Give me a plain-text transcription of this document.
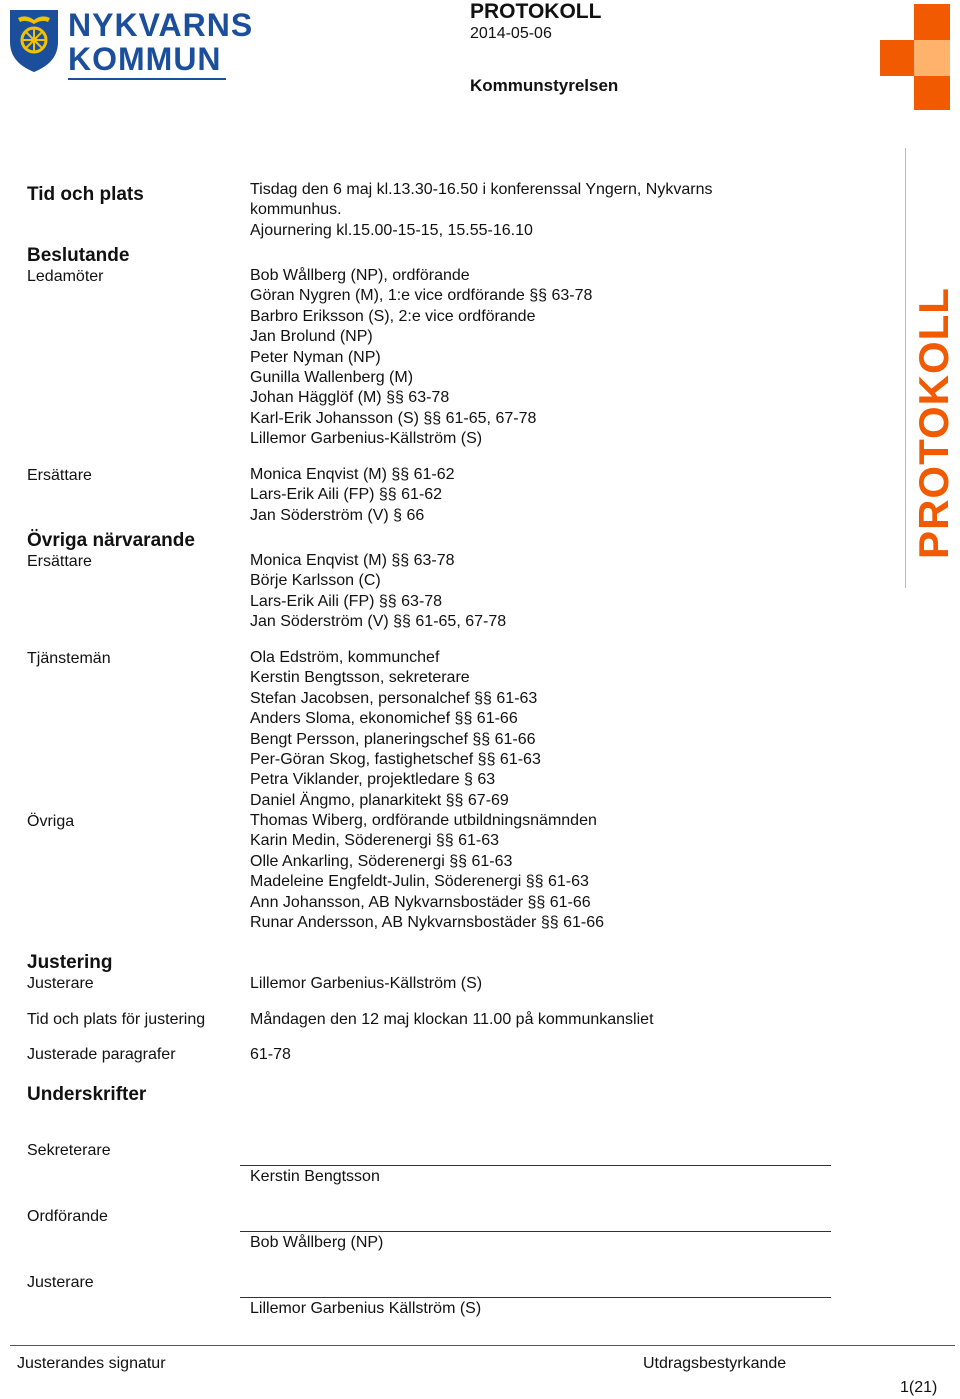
NYKVARNS
KOMMUN
PROTOKOLL
2014-05-06
Kommunstyrelsen
PROTOKOLL
Tid och plats
Beslutande
Ledamöter
Ersättare
Övriga närvarande
Ersättare
Tjänstemän
Övriga
Justering
Justerare
Tid och plats för justering
Justerade paragrafer
Underskrifter
Tisdag den 6 maj kl.13.30-16.50 i konferenssal Yngern, Nykvarns
kommunhus.
Ajournering kl.15.00-15-15, 15.55-16.10
Bob Wållberg (NP), ordförande
Göran Nygren (M), 1:e vice ordförande §§ 63-78
Barbro Eriksson (S), 2:e vice ordförande
Jan Brolund (NP)
Peter Nyman (NP)
Gunilla Wallenberg (M)
Johan Hägglöf (M) §§ 63-78
Karl-Erik Johansson (S) §§ 61-65, 67-78
Lillemor Garbenius-Källström (S)
Monica Enqvist (M) §§ 61-62
Lars-Erik Aili (FP) §§ 61-62
Jan Söderström (V) § 66
Monica Enqvist (M) §§ 63-78
Börje Karlsson (C)
Lars-Erik Aili (FP) §§ 63-78
Jan Söderström (V) §§ 61-65, 67-78
Ola Edström, kommunchef
Kerstin Bengtsson, sekreterare
Stefan Jacobsen, personalchef §§ 61-63
Anders Sloma, ekonomichef §§ 61-66
Bengt Persson, planeringschef §§ 61-66
Per-Göran Skog, fastighetschef §§ 61-63
Petra Viklander, projektledare § 63
Daniel Ängmo, planarkitekt §§ 67-69
Thomas Wiberg, ordförande utbildningsnämnden
Karin Medin, Söderenergi §§ 61-63
Olle Ankarling, Söderenergi §§ 61-63
Madeleine Engfeldt-Julin, Söderenergi §§ 61-63
Ann Johansson, AB Nykvarnsbostäder §§ 61-66
Runar Andersson, AB Nykvarnsbostäder §§ 61-66
Lillemor Garbenius-Källström (S)
Måndagen den 12 maj klockan 11.00 på kommunkansliet
61-78
Sekreterare
Kerstin Bengtsson
Ordförande
Bob Wållberg (NP)
Justerare
Lillemor Garbenius Källström (S)
Justerandes signatur	Utdragsbestyrkande
1(21)
